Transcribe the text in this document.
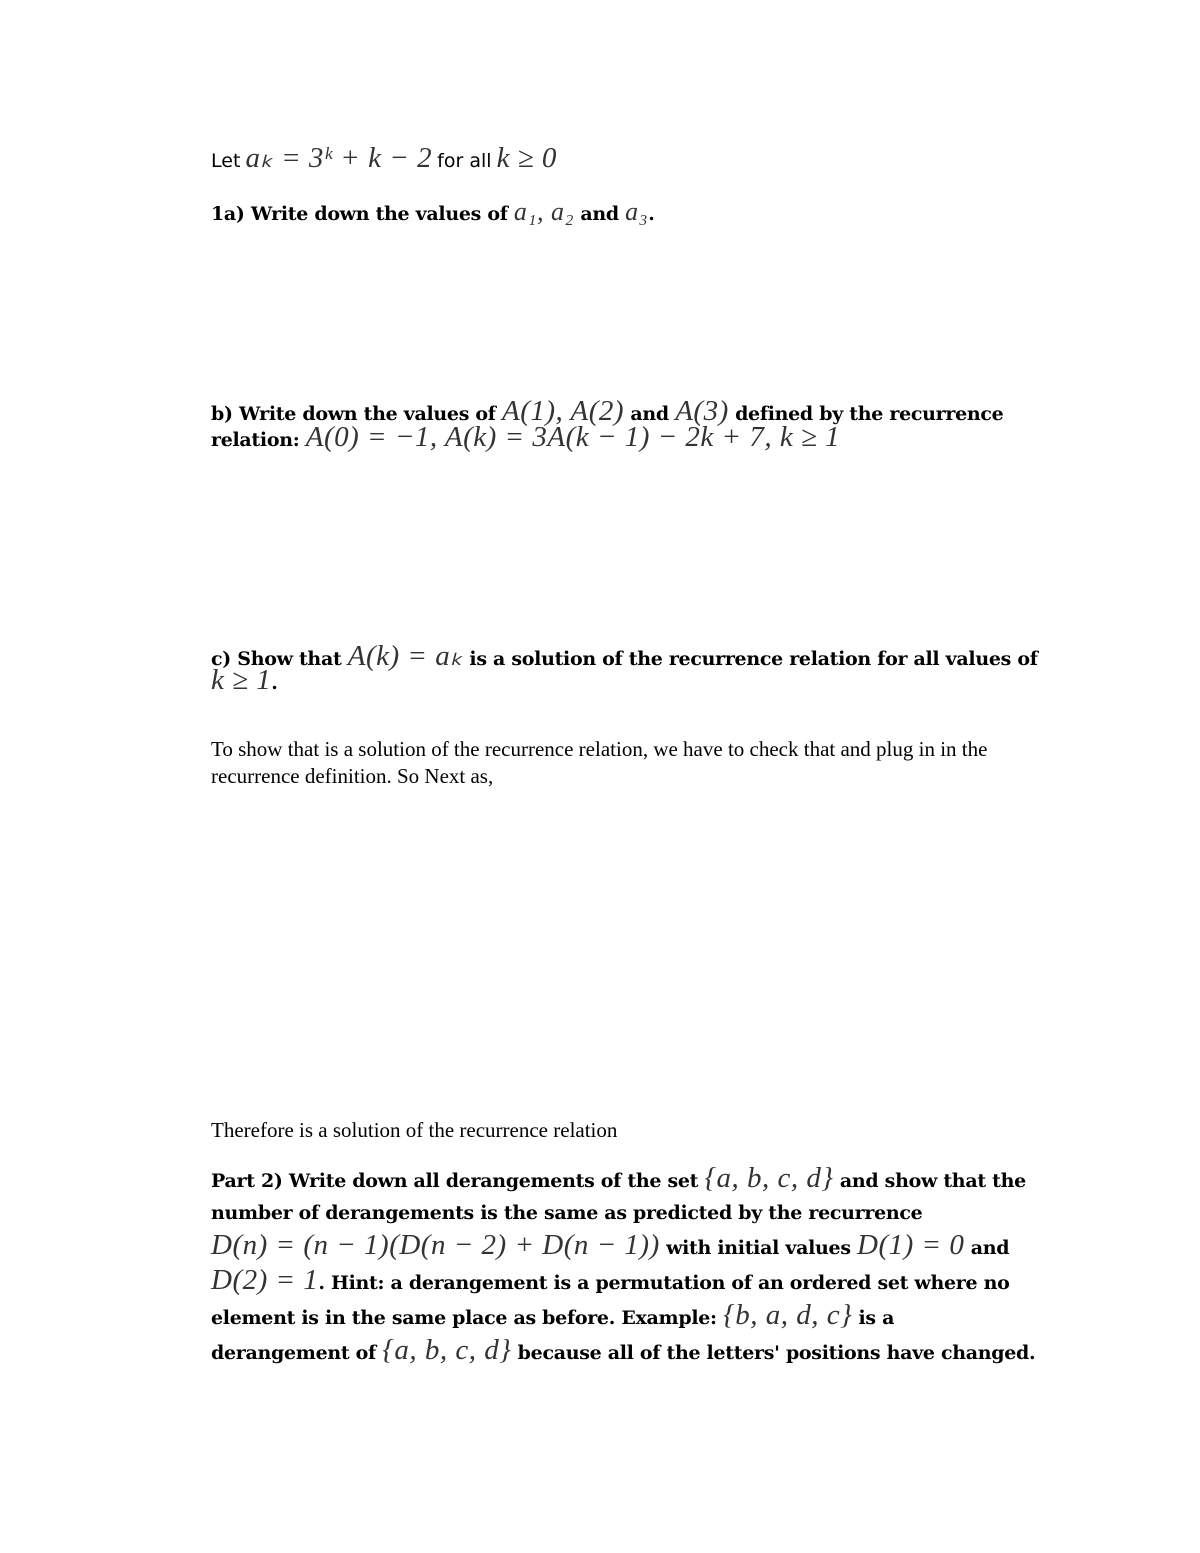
Let aₖ = 3ᵏ + k − 2 for all k ≥ 0
1a) Write down the values of a₁, a₂ and a₃.
b) Write down the values of A(1), A(2) and A(3) defined by the recurrence
relation: A(0) = −1, A(k) = 3A(k − 1) − 2k + 7, k ≥ 1
c) Show that A(k) = aₖ is a solution of the recurrence relation for all values of
k ≥ 1.
To show that is a solution of the recurrence relation, we have to check that and plug in in the recurrence definition. So Next as,
Therefore is a solution of the recurrence relation
Part 2) Write down all derangements of the set {a, b, c, d} and show that the number of derangements is the same as predicted by the recurrence D(n) = (n − 1)(D(n − 2) + D(n − 1)) with initial values D(1) = 0 and D(2) = 1. Hint: a derangement is a permutation of an ordered set where no element is in the same place as before. Example: {b, a, d, c} is a derangement of {a, b, c, d} because all of the letters' positions have changed.
